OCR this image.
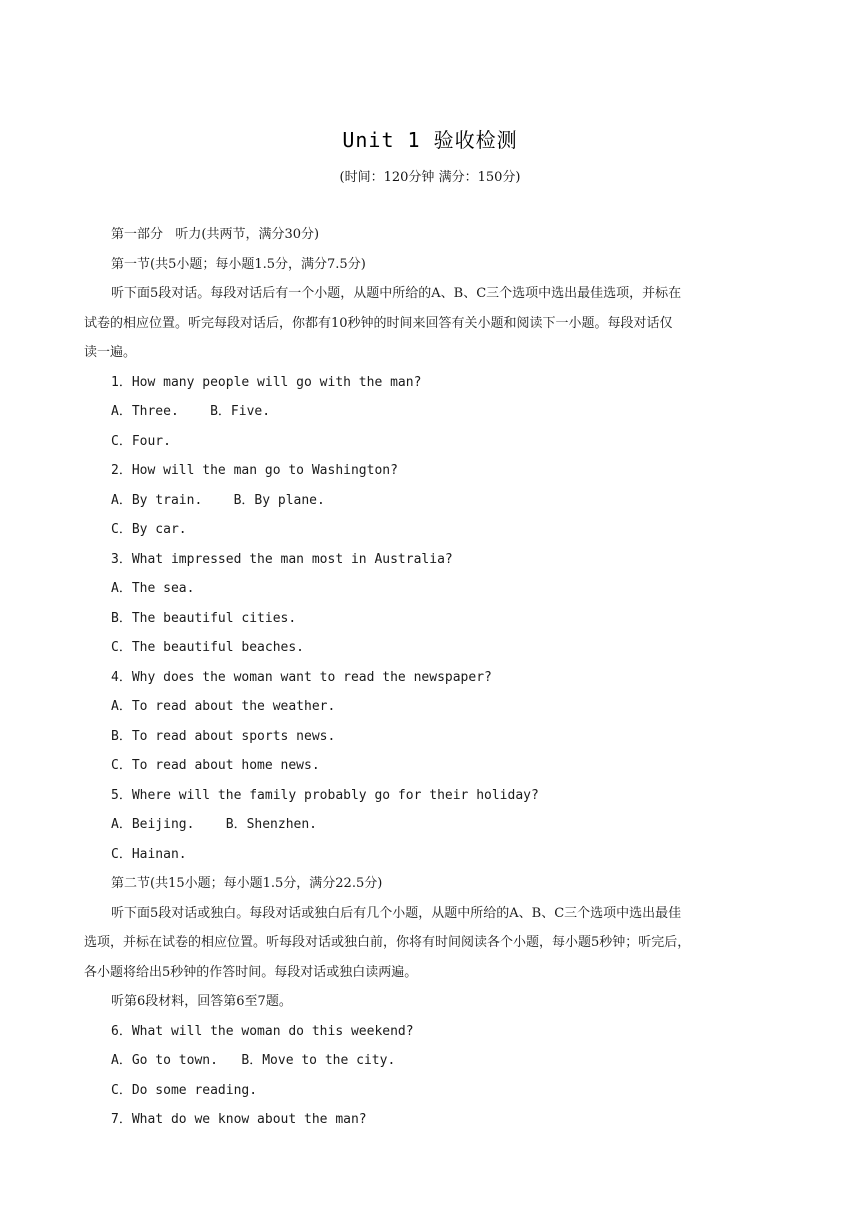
Unit 1 验收检测
(时间：120分钟 满分：150分)
第一部分   听力(共两节，满分30分)
第一节(共5小题；每小题1.5分，满分7.5分)
听下面5段对话。每段对话后有一个小题，从题中所给的A、B、C三个选项中选出最佳选项，并标在
试卷的相应位置。听完每段对话后，你都有10秒钟的时间来回答有关小题和阅读下一小题。每段对话仅
读一遍。
1．How many people will go with the man?
A．Three.    B．Five.
C．Four.
2．How will the man go to Washington?
A．By train.    B．By plane.
C．By car.
3．What impressed the man most in Australia?
A．The sea.
B．The beautiful cities.
C．The beautiful beaches.
4．Why does the woman want to read the newspaper?
A．To read about the weather.
B．To read about sports news.
C．To read about home news.
5．Where will the family probably go for their holiday?
A．Beijing.    B．Shenzhen.
C．Hainan.
第二节(共15小题；每小题1.5分，满分22.5分)
听下面5段对话或独白。每段对话或独白后有几个小题，从题中所给的A、B、C三个选项中选出最佳
选项，并标在试卷的相应位置。听每段对话或独白前，你将有时间阅读各个小题，每小题5秒钟；听完后，
各小题将给出5秒钟的作答时间。每段对话或独白读两遍。
听第6段材料，回答第6至7题。
6．What will the woman do this weekend?
A．Go to town.   B．Move to the city.
C．Do some reading.
7．What do we know about the man?
